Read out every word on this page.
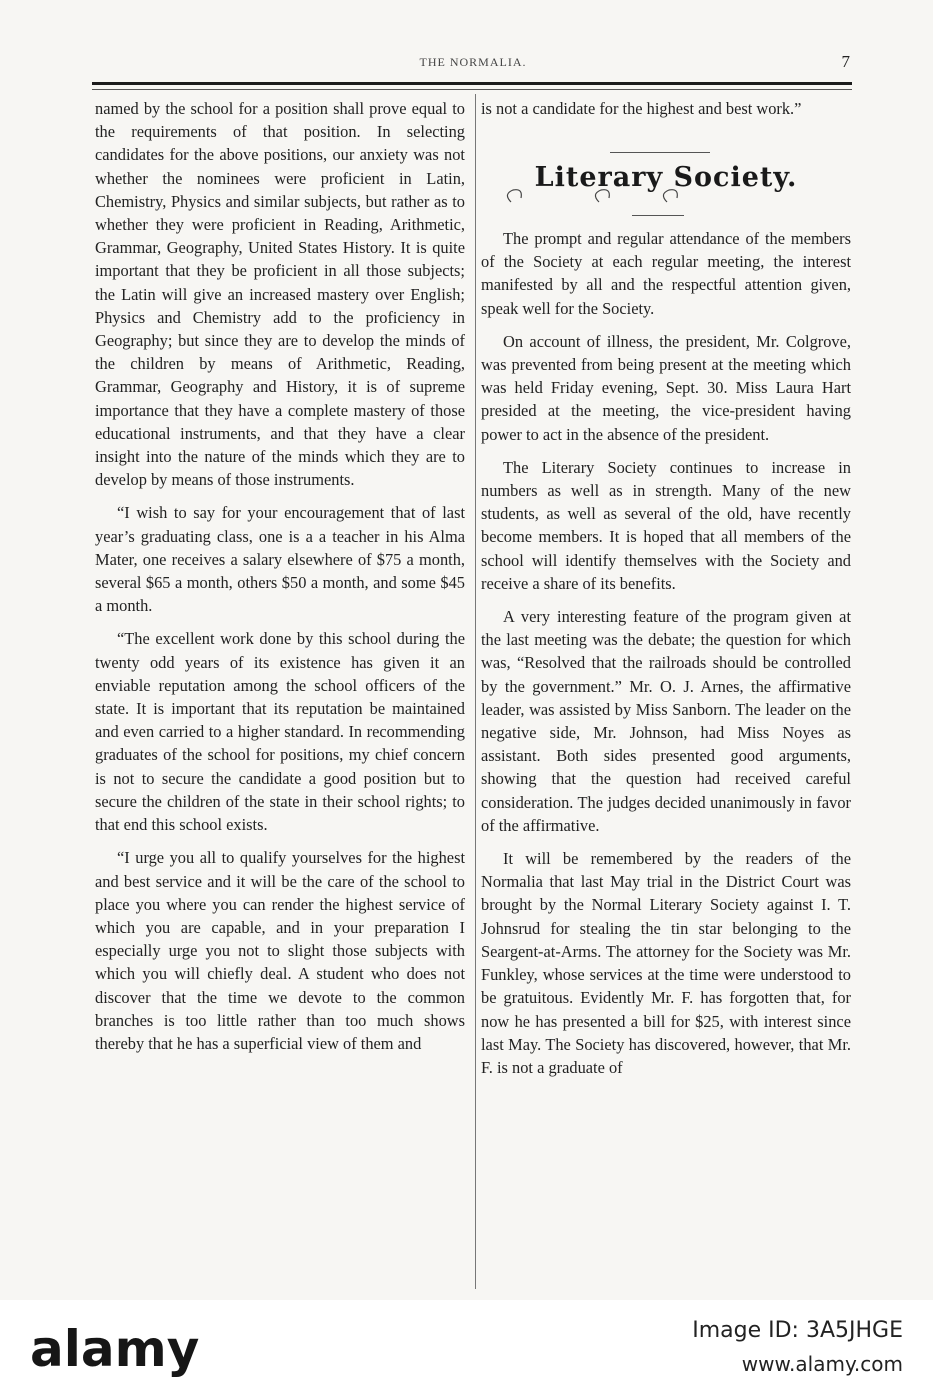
THE NORMALIA.	7

named by the school for a position shall prove equal to the requirements of that position. In selecting candidates for the above positions, our anxiety was not whether the nominees were proficient in Latin, Chemistry, Physics and similar subjects, but rather as to whether they were proficient in Reading, Arithmetic, Grammar, Geography, United States History. It is quite important that they be proficient in all those subjects; the Latin will give an increased mastery over English; Physics and Chemistry add to the proficiency in Geography; but since they are to develop the minds of the children by means of Arithmetic, Reading, Grammar, Geography and History, it is of supreme importance that they have a complete mastery of those educational instruments, and that they have a clear insight into the nature of the minds which they are to develop by means of those instruments.

“I wish to say for your encouragement that of last year’s graduating class, one is a a teacher in his Alma Mater, one receives a salary elsewhere of $75 a month, several $65 a month, others $50 a month, and some $45 a month.

“The excellent work done by this school during the twenty odd years of its existence has given it an enviable reputation among the school officers of the state. It is important that its reputation be maintained and even carried to a higher standard. In recommending graduates of the school for positions, my chief concern is not to secure the candidate a good position but to secure the children of the state in their school rights; to that end this school exists.

“I urge you all to qualify yourselves for the highest and best service and it will be the care of the school to place you where you can render the highest service of which you are capable, and in your preparation I especially urge you not to slight those subjects with which you will chiefly deal. A student who does not discover that the time we devote to the common branches is too little rather than too much shows thereby that he has a superficial view of them and

is not a candidate for the highest and best work.”

Literary Society.

The prompt and regular attendance of the members of the Society at each regular meeting, the interest manifested by all and the respectful attention given, speak well for the Society.

On account of illness, the president, Mr. Colgrove, was prevented from being present at the meeting which was held Friday evening, Sept. 30. Miss Laura Hart presided at the meeting, the vice-president having power to act in the absence of the president.

The Literary Society continues to increase in numbers as well as in strength. Many of the new students, as well as several of the old, have recently become members. It is hoped that all members of the school will identify themselves with the Society and receive a share of its benefits.

A very interesting feature of the program given at the last meeting was the debate; the question for which was, “Resolved that the railroads should be controlled by the government.” Mr. O. J. Arnes, the affirmative leader, was assisted by Miss Sanborn. The leader on the negative side, Mr. Johnson, had Miss Noyes as assistant. Both sides presented good arguments, showing that the question had received careful consideration. The judges decided unanimously in favor of the affirmative.

It will be remembered by the readers of the Normalia that last May trial in the District Court was brought by the Normal Literary Society against I. T. Johnsrud for stealing the tin star belonging to the Seargent-at-Arms. The attorney for the Society was Mr. Funkley, whose services at the time were understood to be gratuitous. Evidently Mr. F. has forgotten that, for now he has presented a bill for $25, with interest since last May. The Society has discovered, however, that Mr. F. is not a graduate of

alamy	Image ID: 3A5JHGE
www.alamy.com
